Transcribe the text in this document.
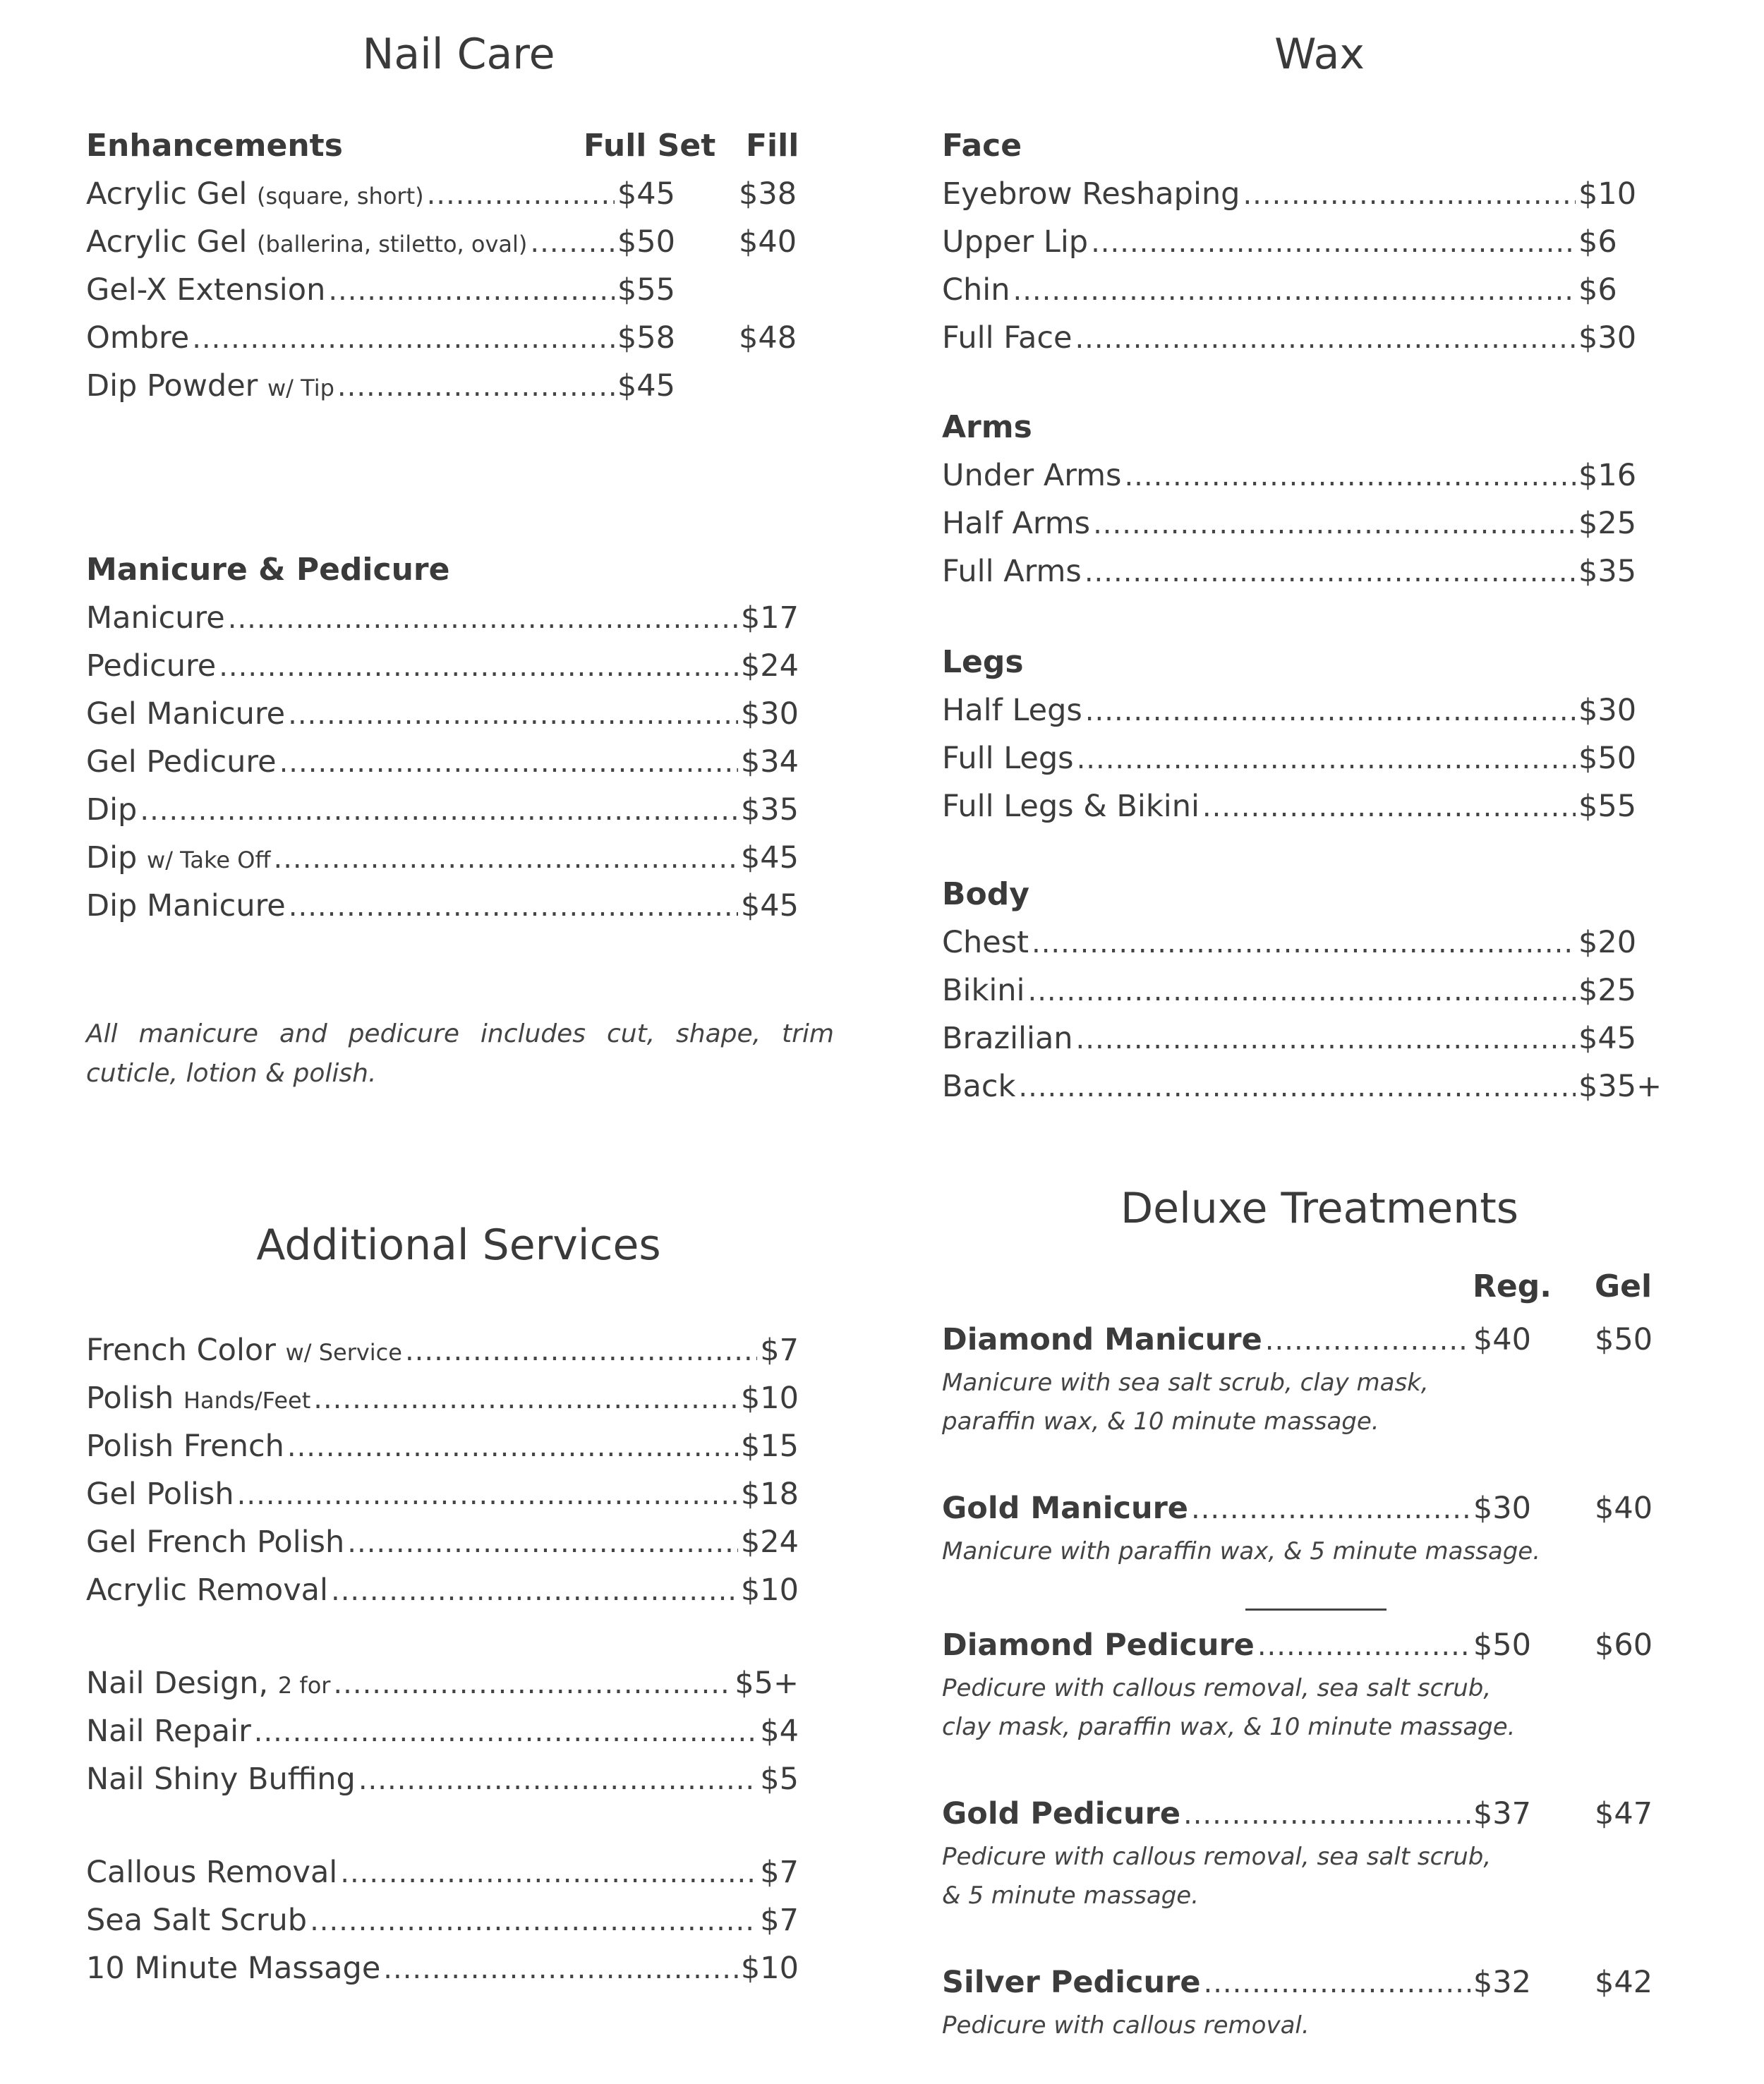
Nail Care
Enhancements	Full Set Fill
Acrylic Gel (square, short) .....	$45 $38
Acrylic Gel (ballerina, stiletto, oval) .....	$50 $40
Gel-X Extension .....	$55
Ombre .....	$58 $48
Dip Powder w/ Tip .....	$45
Manicure & Pedicure
Manicure .....	$17
Pedicure .....	$24
Gel Manicure .....	$30
Gel Pedicure .....	$34
Dip .....	$35
Dip w/ Take Off .....	$45
Dip Manicure .....	$45
All manicure and pedicure includes cut, shape, trim cuticle, lotion & polish.
Additional Services
French Color w/ Service .....	$7
Polish Hands/Feet .....	$10
Polish French .....	$15
Gel Polish .....	$18
Gel French Polish .....	$24
Acrylic Removal .....	$10
Nail Design, 2 for .....	$5+
Nail Repair .....	$4
Nail Shiny Buffing .....	$5
Callous Removal .....	$7
Sea Salt Scrub .....	$7
10 Minute Massage .....	$10
Wax
Face
Eyebrow Reshaping .....	$10
Upper Lip .....	$6
Chin .....	$6
Full Face .....	$30
Arms
Under Arms .....	$16
Half Arms .....	$25
Full Arms .....	$35
Legs
Half Legs .....	$30
Full Legs .....	$50
Full Legs & Bikini .....	$55
Body
Chest .....	$20
Bikini .....	$25
Brazilian .....	$45
Back .....	$35+
Deluxe Treatments
Reg. Gel
Diamond Manicure .....	$40 $50
Manicure with sea salt scrub, clay mask,
paraffin wax, & 10 minute massage.
Gold Manicure .....	$30 $40
Manicure with paraffin wax, & 5 minute massage.
Diamond Pedicure .....	$50 $60
Pedicure with callous removal, sea salt scrub,
clay mask, paraffin wax, & 10 minute massage.
Gold Pedicure .....	$37 $47
Pedicure with callous removal, sea salt scrub,
& 5 minute massage.
Silver Pedicure .....	$32 $42
Pedicure with callous removal.
